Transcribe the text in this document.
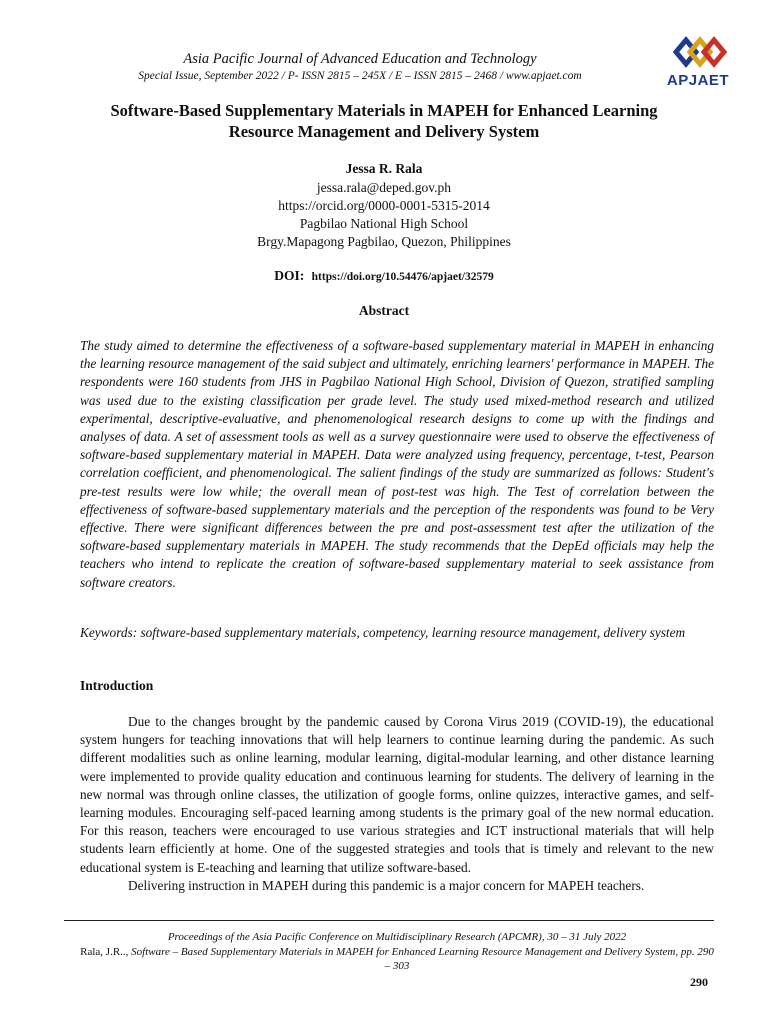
Asia Pacific Journal of Advanced Education and Technology
Special Issue, September 2022 / P- ISSN 2815 – 245X / E – ISSN 2815 – 2468 / www.apjaet.com	APJAET
Software-Based Supplementary Materials in MAPEH for Enhanced Learning Resource Management and Delivery System
Jessa R. Rala
jessa.rala@deped.gov.ph
https://orcid.org/0000-0001-5315-2014
Pagbilao National High School
Brgy.Mapagong Pagbilao, Quezon, Philippines
DOI: https://doi.org/10.54476/apjaet/32579
Abstract
The study aimed to determine the effectiveness of a software-based supplementary material in MAPEH in enhancing the learning resource management of the said subject and ultimately, enriching learners' performance in MAPEH. The respondents were 160 students from JHS in Pagbilao National High School, Division of Quezon, stratified sampling was used due to the existing classification per grade level. The study used mixed-method research and utilized experimental, descriptive-evaluative, and phenomenological research designs to come up with the findings and analyses of data. A set of assessment tools as well as a survey questionnaire were used to observe the effectiveness of software-based supplementary material in MAPEH. Data were analyzed using frequency, percentage, t-test, Pearson correlation coefficient, and phenomenological. The salient findings of the study are summarized as follows: Student's pre-test results were low while; the overall mean of post-test was high. The Test of correlation between the effectiveness of software-based supplementary materials and the perception of the respondents was found to be Very effective. There were significant differences between the pre and post-assessment test after the utilization of the software-based supplementary materials in MAPEH. The study recommends that the DepEd officials may help the teachers who intend to replicate the creation of software-based supplementary material to seek assistance from software creators.
Keywords: software-based supplementary materials, competency, learning resource management, delivery system
Introduction

Due to the changes brought by the pandemic caused by Corona Virus 2019 (COVID-19), the educational system hungers for teaching innovations that will help learners to continue learning during the pandemic. As such different modalities such as online learning, modular learning, digital-modular learning, and other distance learning were implemented to provide quality education and continuous learning for students. The delivery of learning in the new normal was through online classes, the utilization of google forms, online quizzes, interactive games, and self-learning modules. Encouraging self-paced learning among students is the primary goal of the new normal education. For this reason, teachers were encouraged to use various strategies and ICT instructional materials that will help students learn efficiently at home. One of the suggested strategies and tools that is timely and relevant to the new educational system is E-teaching and learning that utilize software-based.

Delivering instruction in MAPEH during this pandemic is a major concern for MAPEH teachers.

Proceedings of the Asia Pacific Conference on Multidisciplinary Research (APCMR), 30 – 31 July 2022
Rala, J.R.., Software – Based Supplementary Materials in MAPEH for Enhanced Learning Resource Management and Delivery System, pp. 290 – 303
290
